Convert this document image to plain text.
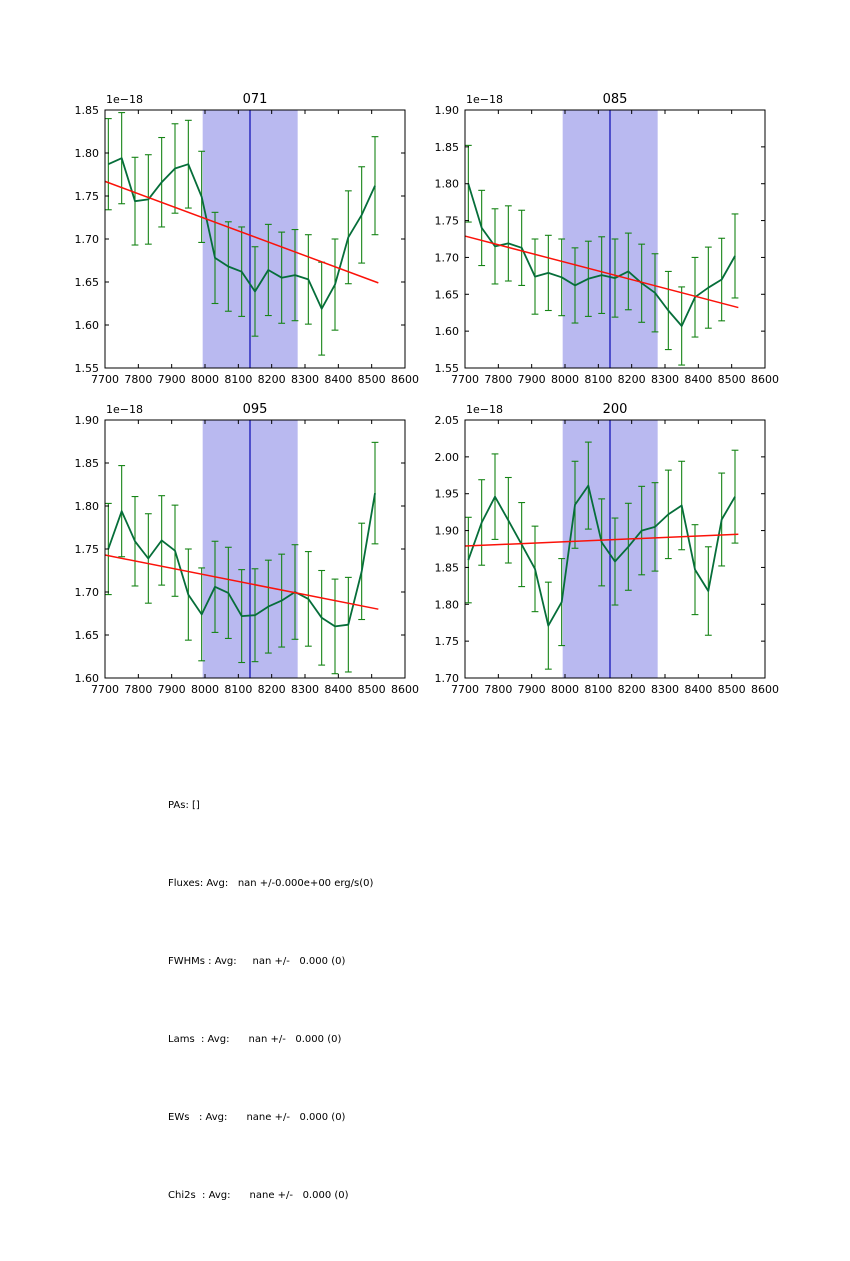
7700 7800 7900 8000 8100 8200 8300 8400 8500 8600
1.55
1.60
1.65
1.70
1.75
1.80
1.85
1e−18	071
7700 7800 7900 8000 8100 8200 8300 8400 8500 8600
1.55
1.60
1.65
1.70
1.75
1.80
1.85
1.90
1e−18	085
7700 7800 7900 8000 8100 8200 8300 8400 8500 8600
1.60
1.65
1.70
1.75
1.80
1.85
1.90
1e−18	095
7700 7800 7900 8000 8100 8200 8300 8400 8500 8600
1.70
1.75
1.80
1.85
1.90
1.95
2.00
2.05
1e−18	200

PAs: []

Fluxes: Avg:   nan +/-0.000e+00 erg/s(0)

FWHMs : Avg:     nan +/-   0.000 (0)

Lams  : Avg:      nan +/-   0.000 (0)

EWs   : Avg:      nane +/-   0.000 (0)

Chi2s  : Avg:      nane +/-   0.000 (0)
